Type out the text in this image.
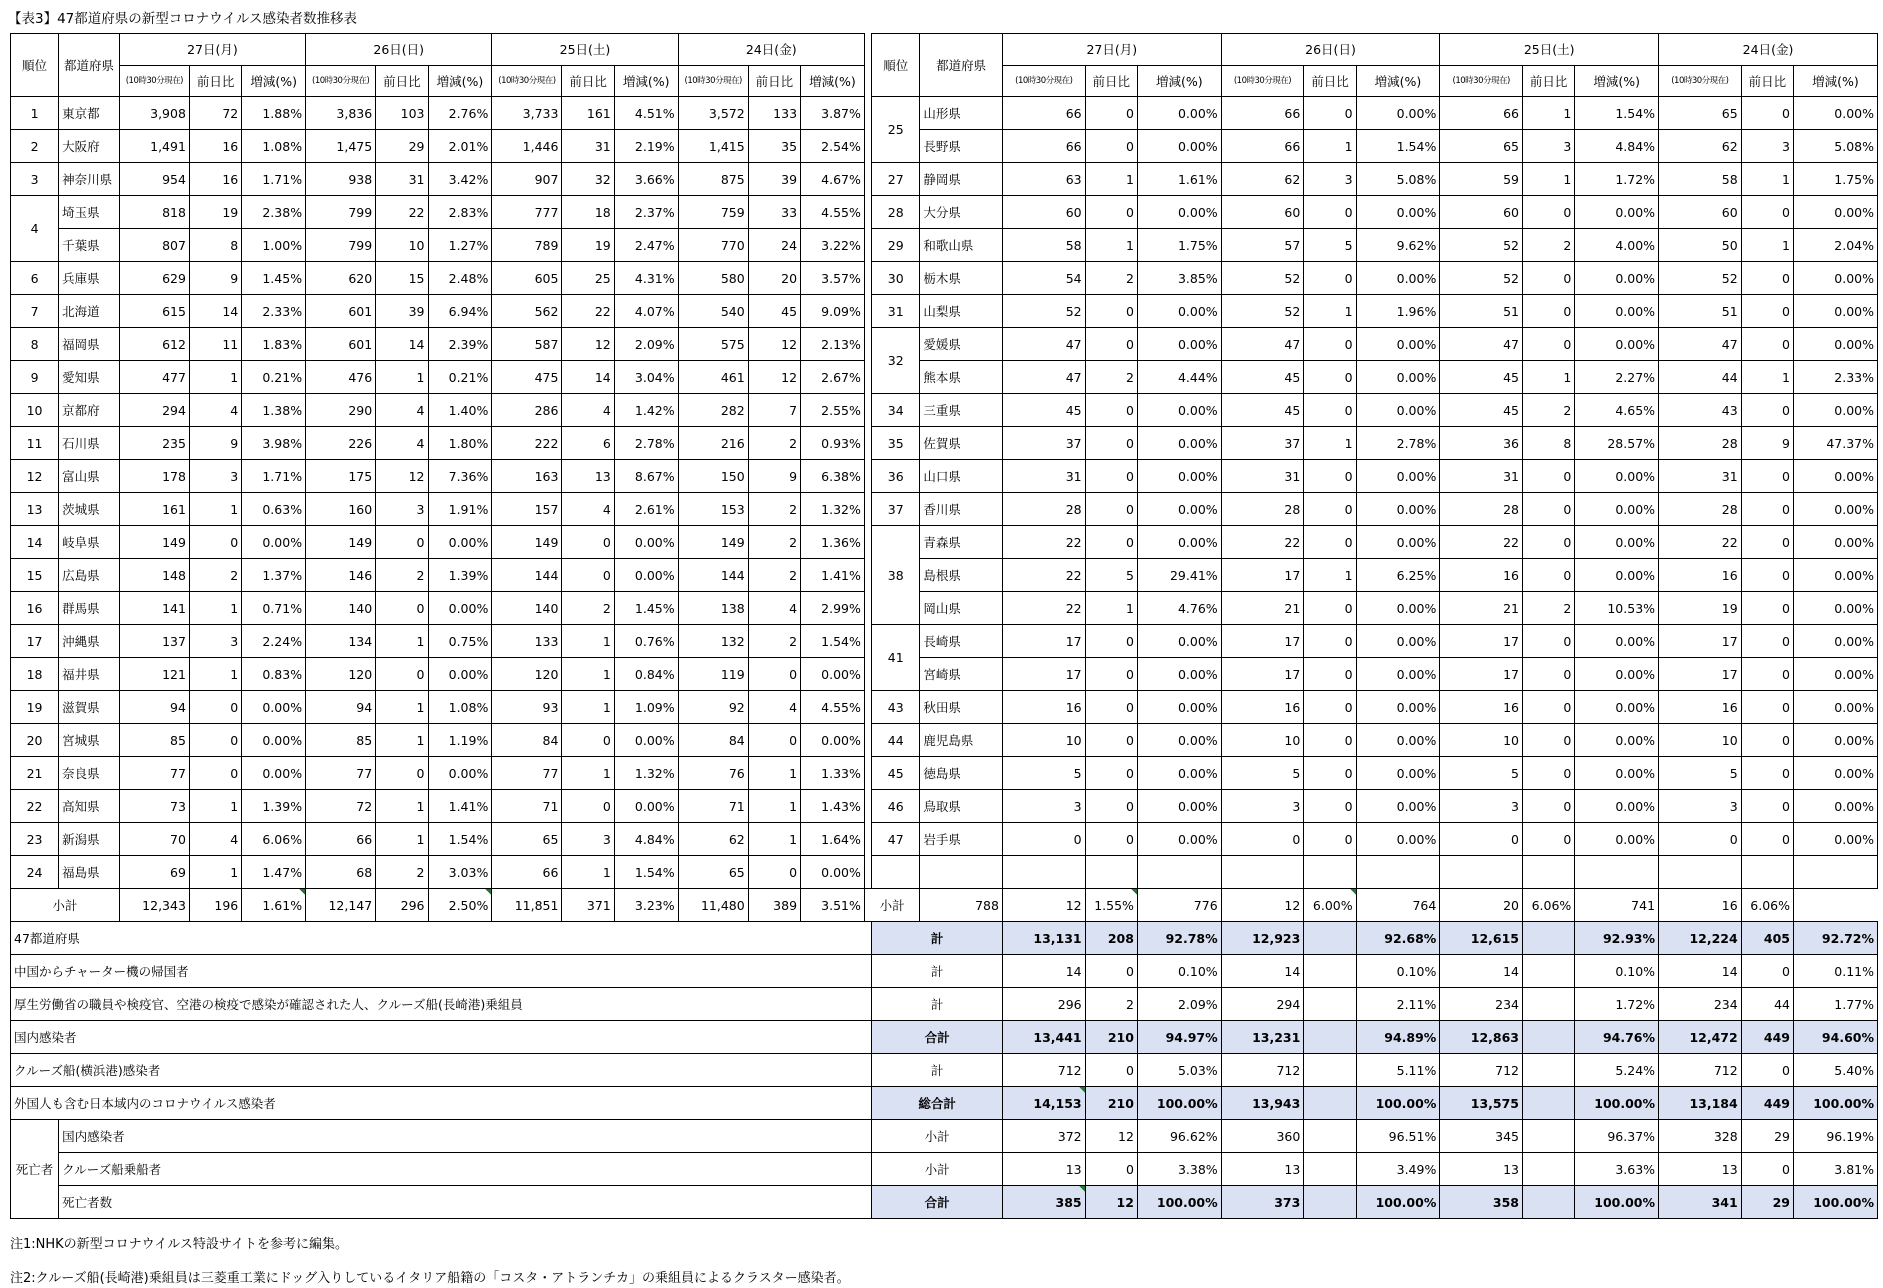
【表3】47都道府県の新型コロナウイルス感染者数推移表
順位	都道府県	27日(月)			26日(日)			25日(土)			24日(金)				順位	都道府県	27日(月)			26日(日)			25日(土)			24日(金)		
		(10時30分現在)	前日比	増減(%)	(10時30分現在)	前日比	増減(%)	(10時30分現在)	前日比	増減(%)	(10時30分現在)	前日比	増減(%)				(10時30分現在)	前日比	増減(%)	(10時30分現在)	前日比	増減(%)	(10時30分現在)	前日比	増減(%)	(10時30分現在)	前日比	増減(%)
1	東京都	3,908	72	1.88%	3,836	103	2.76%	3,733	161	4.51%	3,572	133	3.87%		25	山形県	66	0	0.00%	66	0	0.00%	66	1	1.54%	65	0	0.00%
2	大阪府	1,491	16	1.08%	1,475	29	2.01%	1,446	31	2.19%	1,415	35	2.54%			長野県	66	0	0.00%	66	1	1.54%	65	3	4.84%	62	3	5.08%
3	神奈川県	954	16	1.71%	938	31	3.42%	907	32	3.66%	875	39	4.67%		27	静岡県	63	1	1.61%	62	3	5.08%	59	1	1.72%	58	1	1.75%
4	埼玉県	818	19	2.38%	799	22	2.83%	777	18	2.37%	759	33	4.55%		28	大分県	60	0	0.00%	60	0	0.00%	60	0	0.00%	60	0	0.00%
	千葉県	807	8	1.00%	799	10	1.27%	789	19	2.47%	770	24	3.22%		29	和歌山県	58	1	1.75%	57	5	9.62%	52	2	4.00%	50	1	2.04%
6	兵庫県	629	9	1.45%	620	15	2.48%	605	25	4.31%	580	20	3.57%		30	栃木県	54	2	3.85%	52	0	0.00%	52	0	0.00%	52	0	0.00%
7	北海道	615	14	2.33%	601	39	6.94%	562	22	4.07%	540	45	9.09%		31	山梨県	52	0	0.00%	52	1	1.96%	51	0	0.00%	51	0	0.00%
8	福岡県	612	11	1.83%	601	14	2.39%	587	12	2.09%	575	12	2.13%		32	愛媛県	47	0	0.00%	47	0	0.00%	47	0	0.00%	47	0	0.00%
9	愛知県	477	1	0.21%	476	1	0.21%	475	14	3.04%	461	12	2.67%			熊本県	47	2	4.44%	45	0	0.00%	45	1	2.27%	44	1	2.33%
10	京都府	294	4	1.38%	290	4	1.40%	286	4	1.42%	282	7	2.55%		34	三重県	45	0	0.00%	45	0	0.00%	45	2	4.65%	43	0	0.00%
11	石川県	235	9	3.98%	226	4	1.80%	222	6	2.78%	216	2	0.93%		35	佐賀県	37	0	0.00%	37	1	2.78%	36	8	28.57%	28	9	47.37%
12	富山県	178	3	1.71%	175	12	7.36%	163	13	8.67%	150	9	6.38%		36	山口県	31	0	0.00%	31	0	0.00%	31	0	0.00%	31	0	0.00%
13	茨城県	161	1	0.63%	160	3	1.91%	157	4	2.61%	153	2	1.32%		37	香川県	28	0	0.00%	28	0	0.00%	28	0	0.00%	28	0	0.00%
14	岐阜県	149	0	0.00%	149	0	0.00%	149	0	0.00%	149	2	1.36%		38	青森県	22	0	0.00%	22	0	0.00%	22	0	0.00%	22	0	0.00%
15	広島県	148	2	1.37%	146	2	1.39%	144	0	0.00%	144	2	1.41%			島根県	22	5	29.41%	17	1	6.25%	16	0	0.00%	16	0	0.00%
16	群馬県	141	1	0.71%	140	0	0.00%	140	2	1.45%	138	4	2.99%			岡山県	22	1	4.76%	21	0	0.00%	21	2	10.53%	19	0	0.00%
17	沖縄県	137	3	2.24%	134	1	0.75%	133	1	0.76%	132	2	1.54%		41	長崎県	17	0	0.00%	17	0	0.00%	17	0	0.00%	17	0	0.00%
18	福井県	121	1	0.83%	120	0	0.00%	120	1	0.84%	119	0	0.00%			宮崎県	17	0	0.00%	17	0	0.00%	17	0	0.00%	17	0	0.00%
19	滋賀県	94	0	0.00%	94	1	1.08%	93	1	1.09%	92	4	4.55%		43	秋田県	16	0	0.00%	16	0	0.00%	16	0	0.00%	16	0	0.00%
20	宮城県	85	0	0.00%	85	1	1.19%	84	0	0.00%	84	0	0.00%		44	鹿児島県	10	0	0.00%	10	0	0.00%	10	0	0.00%	10	0	0.00%
21	奈良県	77	0	0.00%	77	0	0.00%	77	1	1.32%	76	1	1.33%		45	徳島県	5	0	0.00%	5	0	0.00%	5	0	0.00%	5	0	0.00%
22	高知県	73	1	1.39%	72	1	1.41%	71	0	0.00%	71	1	1.43%		46	鳥取県	3	0	0.00%	3	0	0.00%	3	0	0.00%	3	0	0.00%
23	新潟県	70	4	6.06%	66	1	1.54%	65	3	4.84%	62	1	1.64%		47	岩手県	0	0	0.00%	0	0	0.00%	0	0	0.00%	0	0	0.00%
24	福島県	69	1	1.47%	68	2	3.03%	66	1	1.54%	65	0	0.00%															
小計		12,343	196	1.61%	12,147	296	2.50%	11,851	371	3.23%	11,480	389	3.51%	小計		788	12	1.55%	776	12	6.00%	764	20	6.06%	741	16	6.06%	
47都道府県															計		13,131	208	92.78%	12,923		92.68%	12,615		92.93%	12,224	405	92.72%
中国からチャーター機の帰国者															計		14	0	0.10%	14		0.10%	14		0.10%	14	0	0.11%
厚生労働省の職員や検疫官、空港の検疫で感染が確認された人、クルーズ船(長崎港)乗組員															計		296	2	2.09%	294		2.11%	234		1.72%	234	44	1.77%
国内感染者															合計		13,441	210	94.97%	13,231		94.89%	12,863		94.76%	12,472	449	94.60%
クルーズ船(横浜港)感染者															計		712	0	5.03%	712		5.11%	712		5.24%	712	0	5.40%
外国人も含む日本域内のコロナウイルス感染者															総合計		14,153	210	100.00%	13,943		100.00%	13,575		100.00%	13,184	449	100.00%
死亡者	国内感染者														小計		372	12	96.62%	360		96.51%	345		96.37%	328	29	96.19%
	クルーズ船乗船者														小計		13	0	3.38%	13		3.49%	13		3.63%	13	0	3.81%
	死亡者数														合計		385	12	100.00%	373		100.00%	358		100.00%	341	29	100.00%
注1:NHKの新型コロナウイルス特設サイトを参考に編集。
注2:クルーズ船(長崎港)乗組員は三菱重工業にドッグ入りしているイタリア船籍の「コスタ・アトランチカ」の乗組員によるクラスター感染者。
